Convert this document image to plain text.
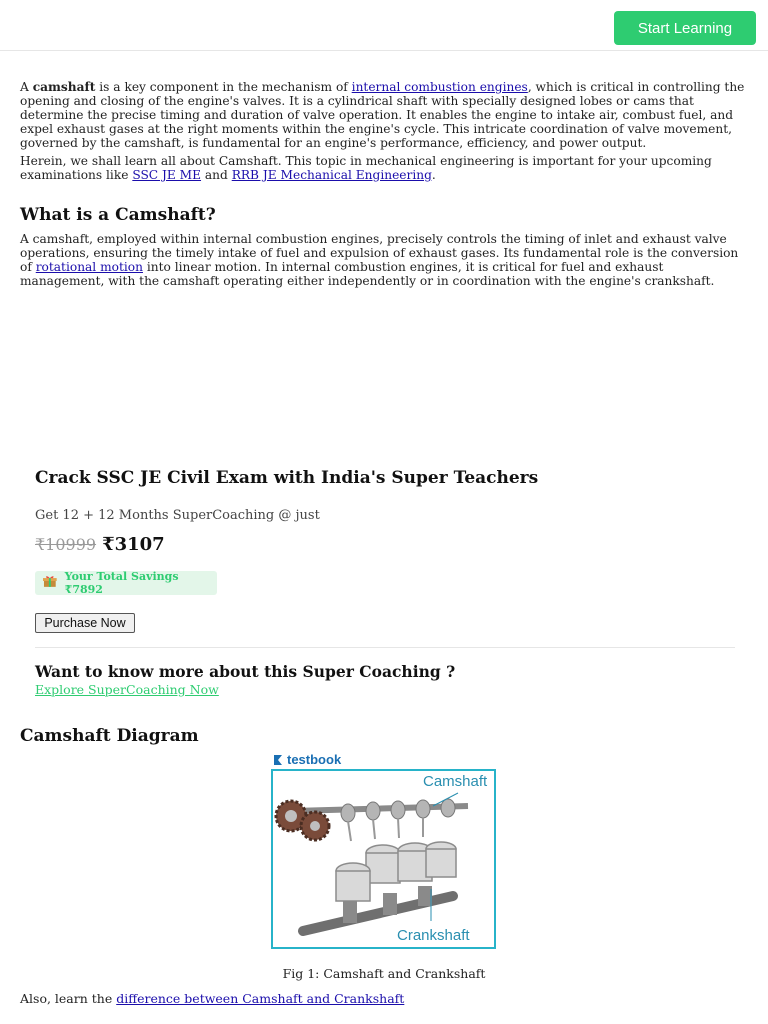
Start Learning

A camshaft is a key component in the mechanism of internal combustion engines, which is critical in controlling the opening and closing of the engine's valves. It is a cylindrical shaft with specially designed lobes or cams that determine the precise timing and duration of valve operation. It enables the engine to intake air, combust fuel, and expel exhaust gases at the right moments within the engine's cycle. This intricate coordination of valve movement, governed by the camshaft, is fundamental for an engine's performance, efficiency, and power output.

Herein, we shall learn all about Camshaft. This topic in mechanical engineering is important for your upcoming examinations like SSC JE ME and RRB JE Mechanical Engineering.

What is a Camshaft?

A camshaft, employed within internal combustion engines, precisely controls the timing of inlet and exhaust valve operations, ensuring the timely intake of fuel and expulsion of exhaust gases. Its fundamental role is the conversion of rotational motion into linear motion. In internal combustion engines, it is critical for fuel and exhaust management, with the camshaft operating either independently or in coordination with the engine's crankshaft.

Crack SSC JE Civil Exam with India's Super Teachers
Get 12 + 12 Months SuperCoaching @ just
₹10999 ₹3107
Your Total Savings ₹7892
Purchase Now
Want to know more about this Super Coaching ?
Explore SuperCoaching Now
Camshaft Diagram
testbook
Camshaft
Crankshaft
Fig 1: Camshaft and Crankshaft
Also, learn the difference between Camshaft and Crankshaft
